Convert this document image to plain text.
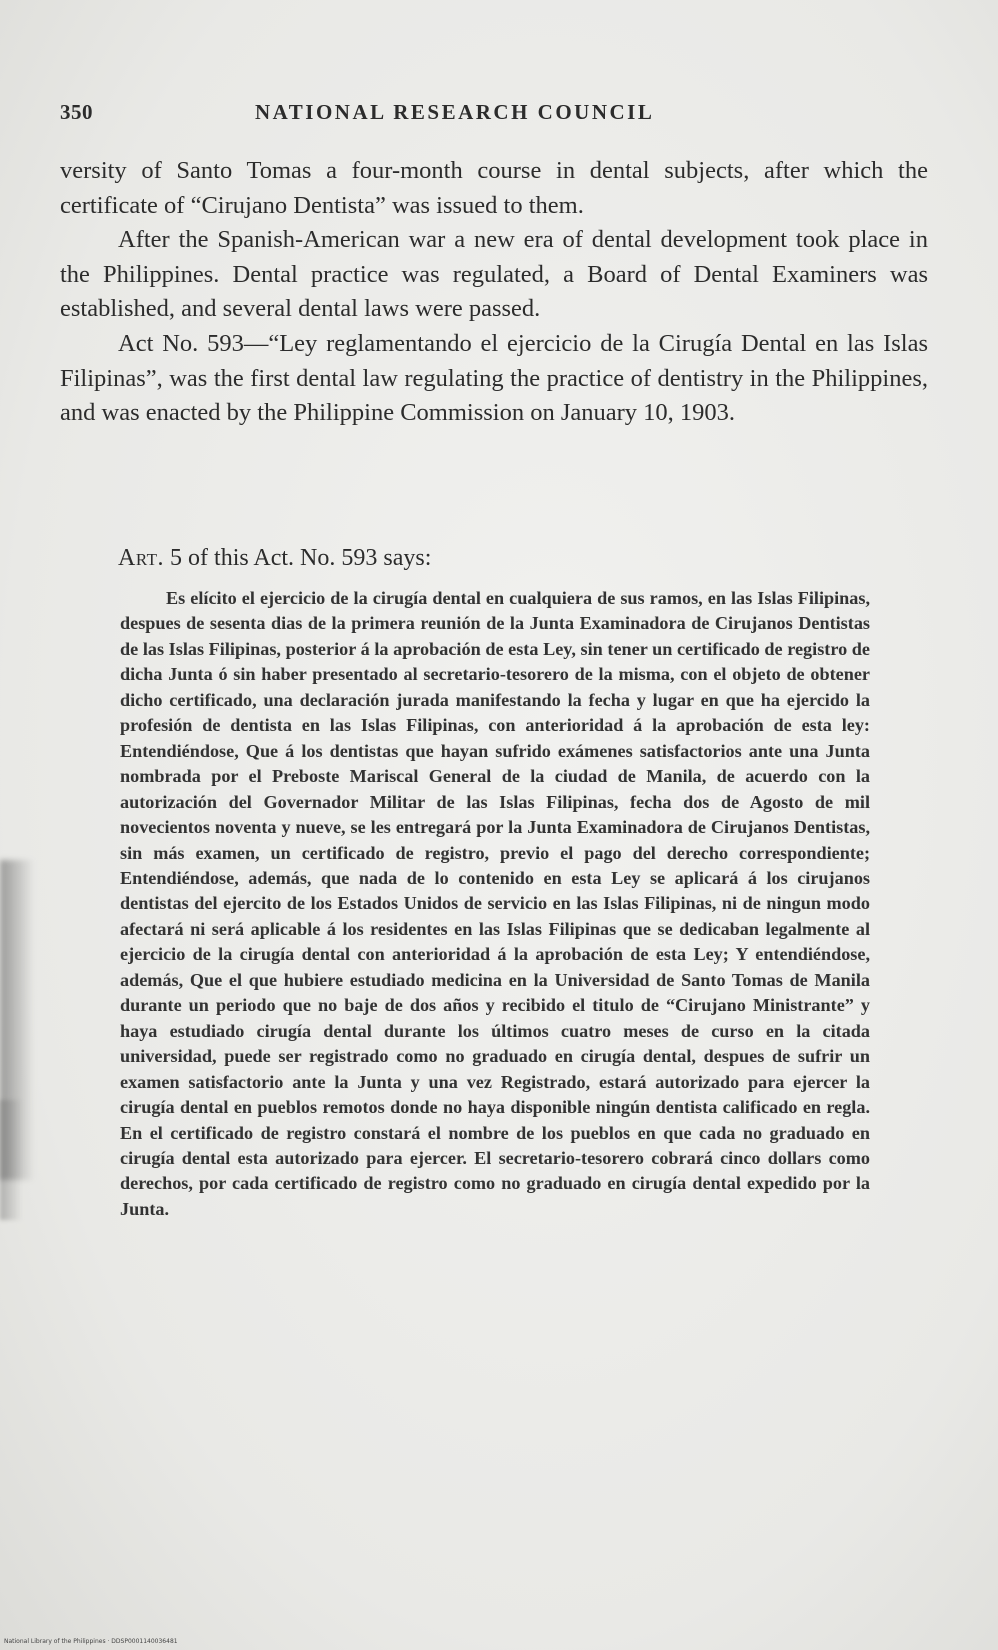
350	NATIONAL RESEARCH COUNCIL

versity of Santo Tomas a four-month course in dental subjects, after which the certificate of “Cirujano Dentista” was issued to them.

After the Spanish-American war a new era of dental development took place in the Philippines. Dental practice was regulated, a Board of Dental Examiners was established, and several dental laws were passed.

Act No. 593—“Ley reglamentando el ejercicio de la Cirugía Dental en las Islas Filipinas”, was the first dental law regulating the practice of dentistry in the Philippines, and was enacted by the Philippine Commission on January 10, 1903.

Art. 5 of this Act. No. 593 says:

Es elícito el ejercicio de la cirugía dental en cualquiera de sus ramos, en las Islas Filipinas, despues de sesenta dias de la primera reunión de la Junta Examinadora de Cirujanos Dentistas de las Islas Filipinas, posterior á la aprobación de esta Ley, sin tener un certificado de registro de dicha Junta ó sin haber presentado al secretario-tesorero de la misma, con el objeto de obtener dicho certificado, una declaración jurada manifestando la fecha y lugar en que ha ejercido la profesión de dentista en las Islas Filipinas, con anterioridad á la aprobación de esta ley: Entendiéndose, Que á los dentistas que hayan sufrido exámenes satisfactorios ante una Junta nombrada por el Preboste Mariscal General de la ciudad de Manila, de acuerdo con la autorización del Governador Militar de las Islas Filipinas, fecha dos de Agosto de mil novecientos noventa y nueve, se les entregará por la Junta Examinadora de Cirujanos Dentistas, sin más examen, un certificado de registro, previo el pago del derecho correspondiente; Entendiéndose, además, que nada de lo contenido en esta Ley se aplicará á los cirujanos dentistas del ejercito de los Estados Unidos de servicio en las Islas Filipinas, ni de ningun modo afectará ni será aplicable á los residentes en las Islas Filipinas que se dedicaban legalmente al ejercicio de la cirugía dental con anterioridad á la aprobación de esta Ley; Y entendiéndose, además, Que el que hubiere estudiado medicina en la Universidad de Santo Tomas de Manila durante un periodo que no baje de dos años y recibido el titulo de “Cirujano Ministrante” y haya estudiado cirugía dental durante los últimos cuatro meses de curso en la citada universidad, puede ser registrado como no graduado en cirugía dental, despues de sufrir un examen satisfactorio ante la Junta y una vez Registrado, estará autorizado para ejercer la cirugía dental en pueblos remotos donde no haya disponible ningún dentista calificado en regla. En el certificado de registro constará el nombre de los pueblos en que cada no graduado en cirugía dental esta autorizado para ejercer. El secretario-tesorero cobrará cinco dollars como derechos, por cada certificado de registro como no graduado en cirugía dental expedido por la Junta.

National Library of the Philippines · DDSP0001140036481
